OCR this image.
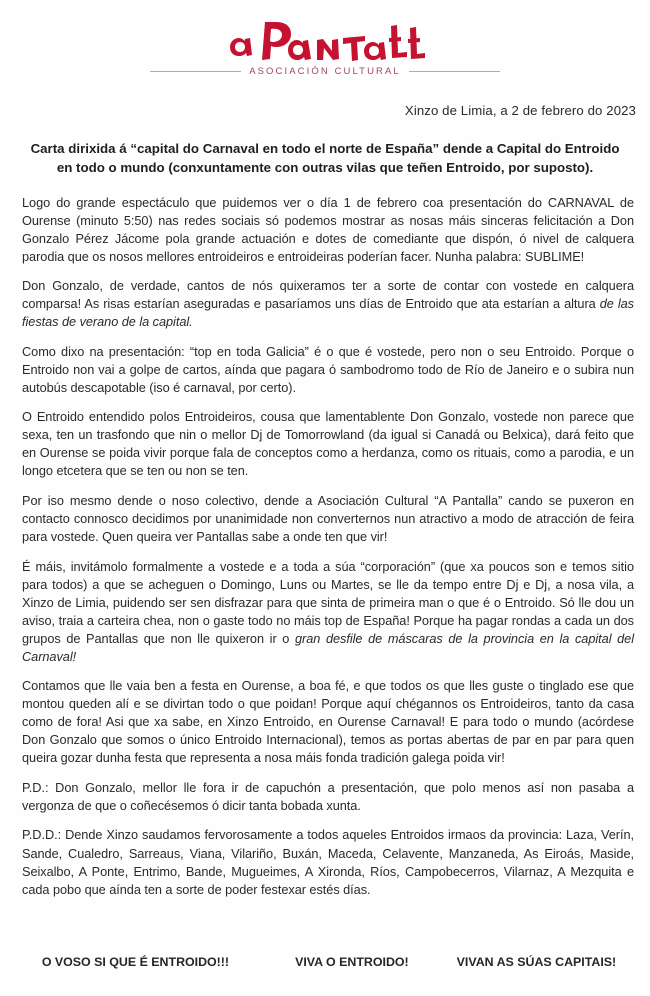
ASOCIACIÓN CULTURAL
Xinzo de Limia, a 2 de febrero do 2023
Carta dirixida á “capital do Carnaval en todo el norte de España” dende a Capital do Entroido en todo o mundo (conxuntamente con outras vilas que teñen Entroido, por suposto).

Logo do grande espectáculo que puidemos ver o día 1 de febrero coa presentación do CARNAVAL de Ourense (minuto 5:50) nas redes sociais só podemos mostrar as nosas máis sinceras felicitación a Don Gonzalo Pérez Jácome pola grande actuación e dotes de comediante que dispón, ó nivel de calquera parodia que os nosos mellores entroideiros e entroideiras poderían facer. Nunha palabra: SUBLIME!

Don Gonzalo, de verdade, cantos de nós quixeramos ter a sorte de contar con vostede en calquera comparsa! As risas estarían aseguradas e pasaríamos uns días de Entroido que ata estarían a altura de las fiestas de verano de la capital.

Como dixo na presentación: “top en toda Galicia” é o que é vostede, pero non o seu Entroido. Porque o Entroido non vai a golpe de cartos, aínda que pagara ó sambodromo todo de Río de Janeiro e o subira nun autobús descapotable (iso é carnaval, por certo).

O Entroido entendido polos Entroideiros, cousa que lamentablente Don Gonzalo, vostede non parece que sexa, ten un trasfondo que nin o mellor Dj de Tomorrowland (da igual si Canadá ou Belxica), dará feito que en Ourense se poida vivir porque fala de conceptos como a herdanza, como os rituais, como a parodia, e un longo etcetera que se ten ou non se ten.

Por iso mesmo dende o noso colectivo, dende a Asociación Cultural “A Pantalla” cando se puxeron en contacto connosco decidimos por unanimidade non converternos nun atractivo a modo de atracción de feira para vostede. Quen queira ver Pantallas sabe a onde ten que vir!

É máis, invitámolo formalmente a vostede e a toda a súa “corporación” (que xa poucos son e temos sitio para todos) a que se acheguen o Domingo, Luns ou Martes, se lle da tempo entre Dj e Dj, a nosa vila, a Xinzo de Limia, puidendo ser sen disfrazar para que sinta de primeira man o que é o Entroido. Só lle dou un aviso, traia a carteira chea, non o gaste todo no máis top de España! Porque ha pagar rondas a cada un dos grupos de Pantallas que non lle quixeron ir o gran desfile de máscaras de la provincia en la capital del Carnaval!

Contamos que lle vaia ben a festa en Ourense, a boa fé, e que todos os que lles guste o tinglado ese que montou queden alí e se divirtan todo o que poidan! Porque aquí chégannos os Entroideiros, tanto da casa como de fora! Asi que xa sabe, en Xinzo Entroido, en Ourense Carnaval! E para todo o mundo (acórdese Don Gonzalo que somos o único Entroido Internacional), temos as portas abertas de par en par para quen queira gozar dunha festa que representa a nosa máis fonda tradición galega poida vir!

P.D.: Don Gonzalo, mellor lle fora ir de capuchón a presentación, que polo menos así non pasaba a vergonza de que o coñecésemos ó dicir tanta bobada xunta.

P.D.D.: Dende Xinzo saudamos fervorosamente a todos aqueles Entroidos irmaos da provincia: Laza, Verín, Sande, Cualedro, Sarreaus, Viana, Vilariño, Buxán, Maceda, Celavente, Manzaneda, As Eiroás, Maside, Seixalbo, A Ponte, Entrimo, Bande, Mugueimes, A Xironda, Ríos, Campobecerros, Vilarnaz, A Mezquita e cada pobo que aínda ten a sorte de poder festexar estés días.

O VOSO SI QUE É ENTROIDO!!!	VIVA O ENTROIDO!	VIVAN AS SÚAS CAPITAIS!
